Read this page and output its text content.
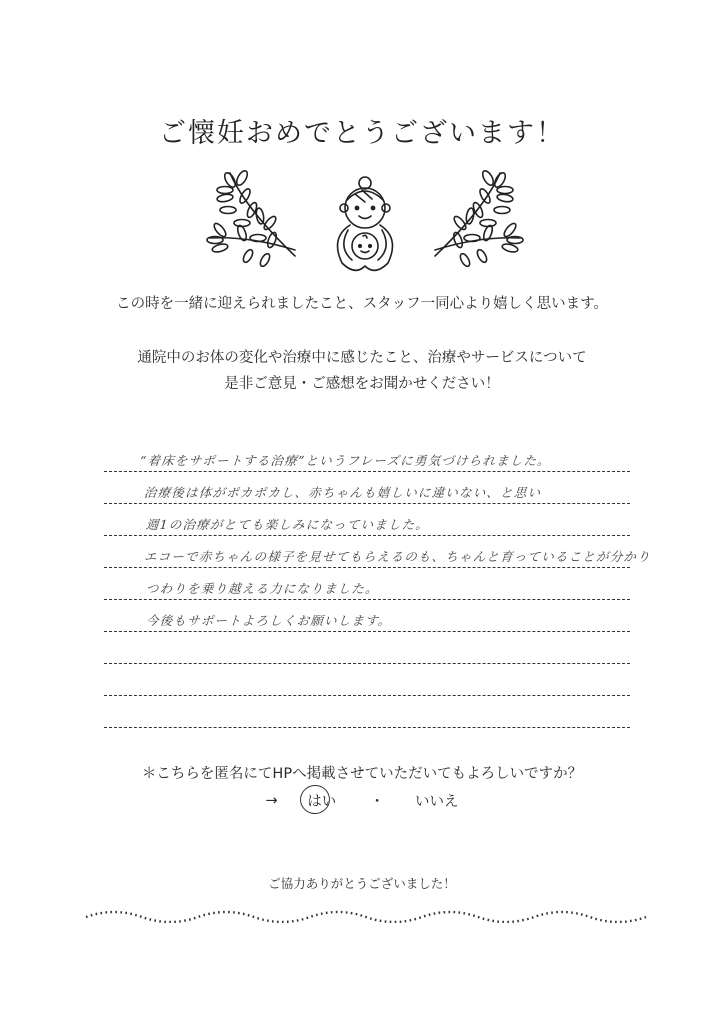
ご懐妊おめでとうございます！
この時を一緒に迎えられましたこと、スタッフ一同心より嬉しく思います。
通院中のお体の変化や治療中に感じたこと、治療やサービスについて
是非ご意見・ご感想をお聞かせください！
“着床をサポートする治療”というフレーズに勇気づけられました。
治療後は体がポカポカし、赤ちゃんも嬉しいに違いない、と思い
週1の治療がとても楽しみになっていました。
エコーで赤ちゃんの様子を見せてもらえるのも、ちゃんと育っていることが分かり
つわりを乗り越える力になりました。
今後もサポートよろしくお願いします。
＊こちらを匿名にてHPへ掲載させていただいてもよろしいですか？
→ はい ・ いいえ
ご協力ありがとうございました！
